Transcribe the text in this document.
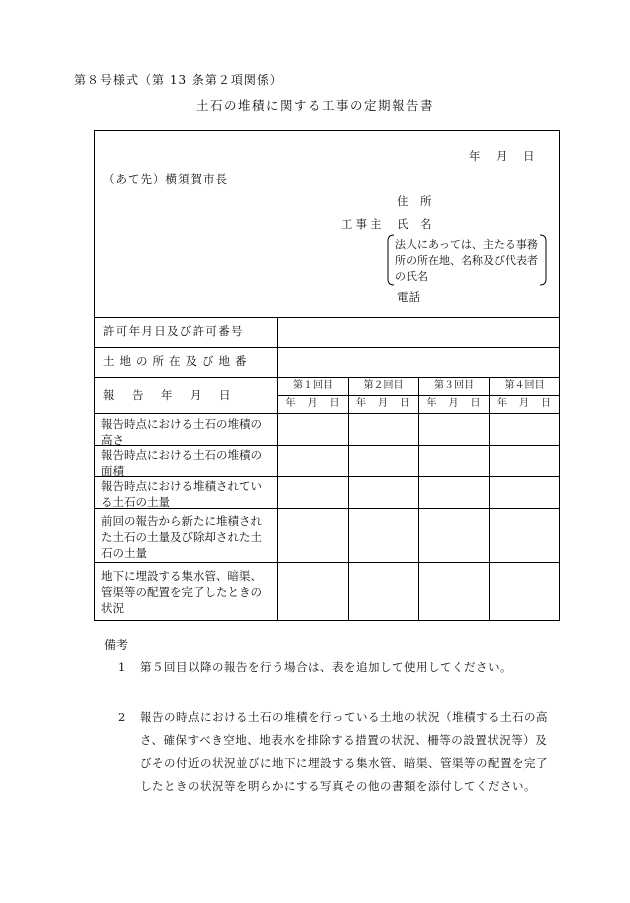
第８号様式（第 13 条第２項関係）
土石の堆積に関する工事の定期報告書
年　月　日
（あて先）横須賀市長
住　所
工事主 氏　名
法人にあっては、主たる事務所の所在地、名称及び代表者の氏名
電話
許可年月日及び許可番号
土地の所在及び地番
報　告　年　月　日
第１回目	第２回目	第３回目	第４回目
年　月　日	年　月　日	年　月　日	年　月　日
報告時点における土石の堆積の高さ
報告時点における土石の堆積の面積
報告時点における堆積されている土石の土量
前回の報告から新たに堆積された土石の土量及び除却された土石の土量
地下に埋設する集水管、暗渠、管渠等の配置を完了したときの状況
備考
1 第５回目以降の報告を行う場合は、表を追加して使用してください。
2 報告の時点における土石の堆積を行っている土地の状況（堆積する土石の高さ、確保すべき空地、地表水を排除する措置の状況、柵等の設置状況等）及びその付近の状況並びに地下に埋設する集水管、暗渠、管渠等の配置を完了したときの状況等を明らかにする写真その他の書類を添付してください。
